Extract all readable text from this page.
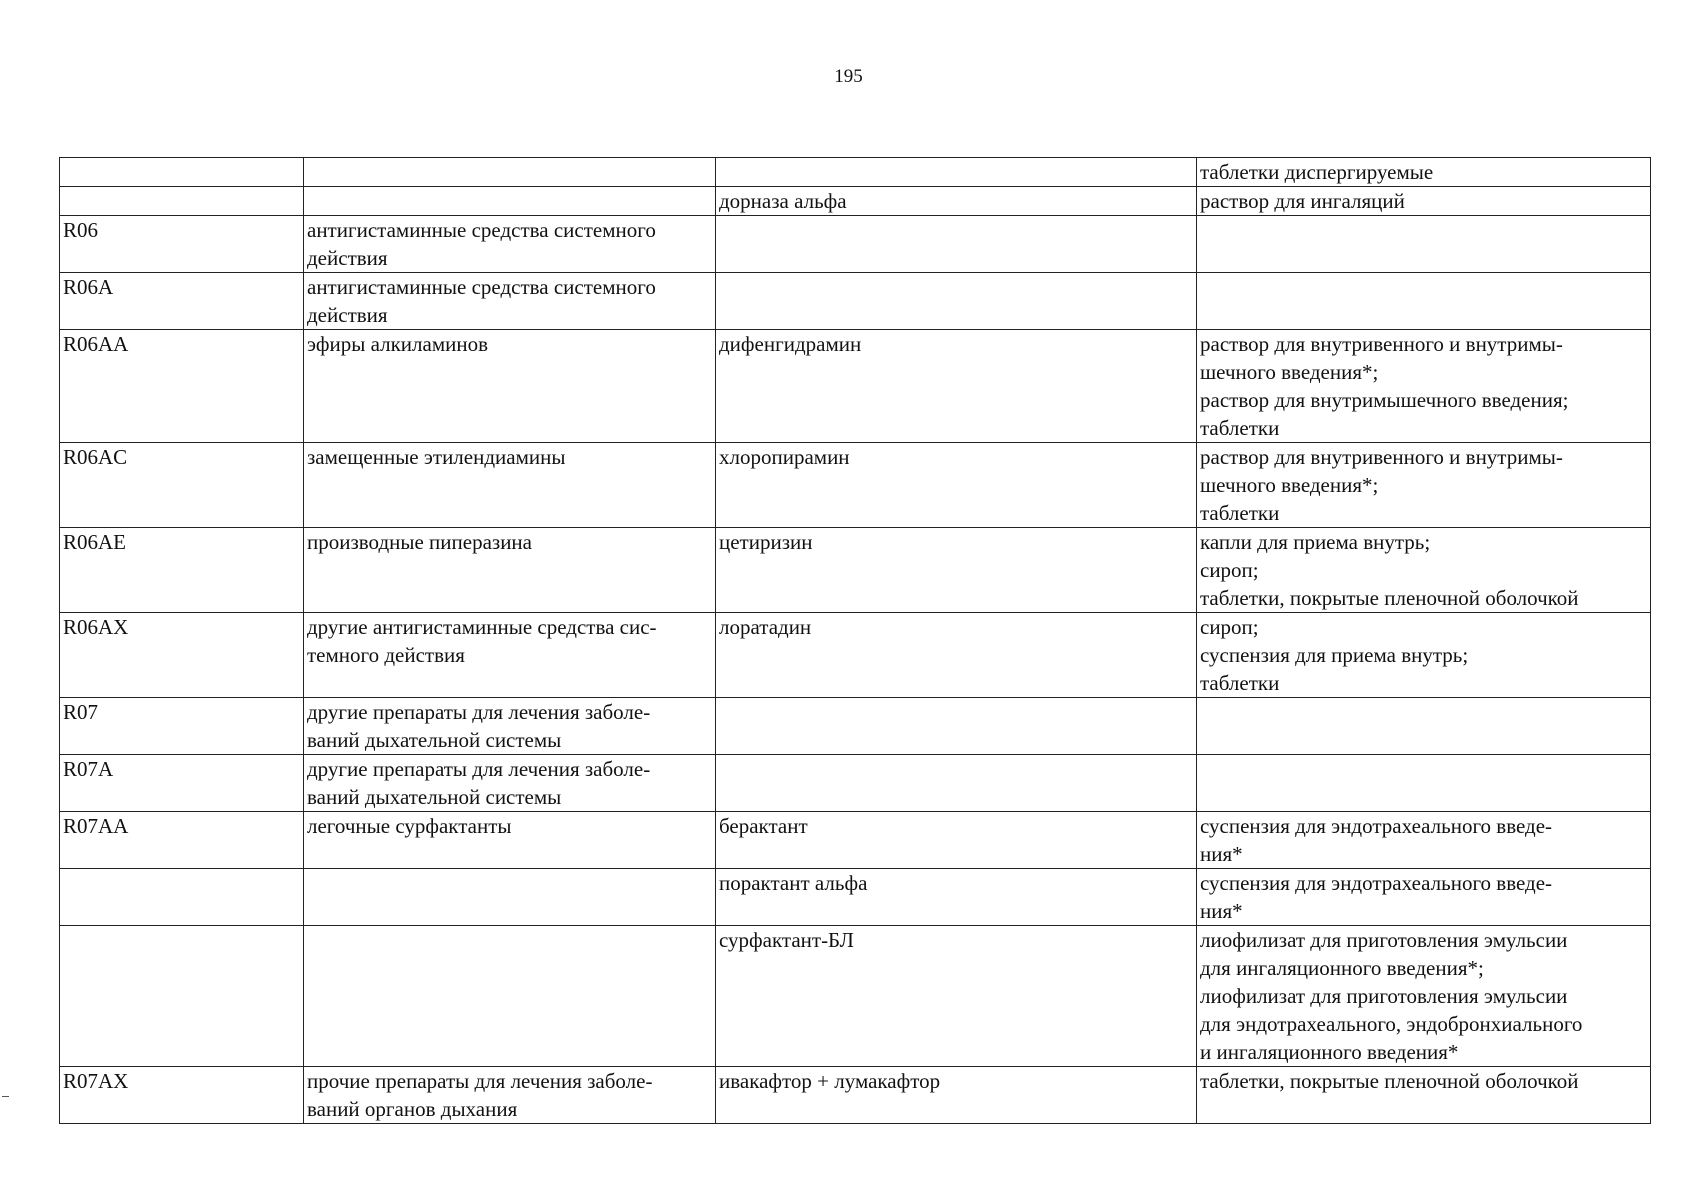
195

			таблетки диспергируемые

		дорназа альфа	раствор для ингаляций

R06	антигистаминные средства системного
действия		

R06A	антигистаминные средства системного
действия		

R06AA	эфиры алкиламинов	дифенгидрамин	раствор для внутривенного и внутримы-
шечного введения*;
раствор для внутримышечного введения;
таблетки

R06AC	замещенные этилендиамины	хлоропирамин	раствор для внутривенного и внутримы-
шечного введения*;
таблетки

R06AE	производные пиперазина	цетиризин	капли для приема внутрь;
сироп;
таблетки, покрытые пленочной оболочкой

R06AX	другие антигистаминные средства сис-
темного действия	лоратадин	сироп;
суспензия для приема внутрь;
таблетки

R07	другие препараты для лечения заболе-
ваний дыхательной системы		

R07A	другие препараты для лечения заболе-
ваний дыхательной системы		

R07AA	легочные сурфактанты	берактант	суспензия для эндотрахеального введе-
ния*

		порактант альфа	суспензия для эндотрахеального введе-
ния*

		сурфактант-БЛ	лиофилизат для приготовления эмульсии
для ингаляционного введения*;
лиофилизат для приготовления эмульсии
для эндотрахеального, эндобронхиального
и ингаляционного введения*

R07AX	прочие препараты для лечения заболе-
ваний органов дыхания	ивакафтор + лумакафтор	таблетки, покрытые пленочной оболочкой
